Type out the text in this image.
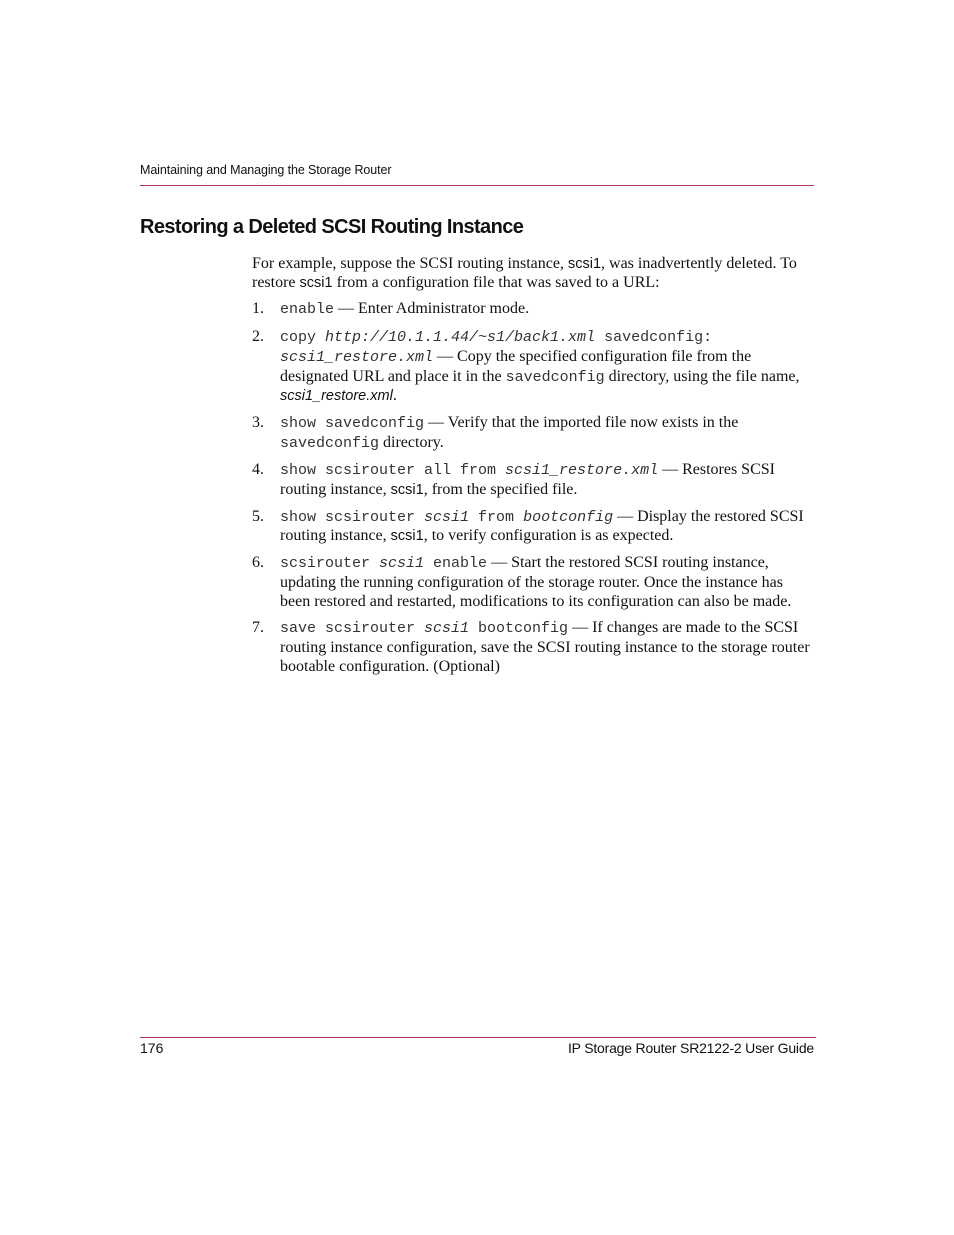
Maintaining and Managing the Storage Router
Restoring a Deleted SCSI Routing Instance

For example, suppose the SCSI routing instance, scsi1, was inadvertently deleted. To restore scsi1 from a configuration file that was saved to a URL:

1. enable — Enter Administrator mode.
2. copy http://10.1.1.44/~s1/back1.xml savedconfig:
scsi1_restore.xml — Copy the specified configuration file from the designated URL and place it in the savedconfig directory, using the file name, scsi1_restore.xml.
3. show savedconfig — Verify that the imported file now exists in the savedconfig directory.
4. show scsirouter all from scsi1_restore.xml — Restores SCSI routing instance, scsi1, from the specified file.
5. show scsirouter scsi1 from bootconfig — Display the restored SCSI routing instance, scsi1, to verify configuration is as expected.
6. scsirouter scsi1 enable — Start the restored SCSI routing instance, updating the running configuration of the storage router. Once the instance has been restored and restarted, modifications to its configuration can also be made.
7. save scsirouter scsi1 bootconfig — If changes are made to the SCSI routing instance configuration, save the SCSI routing instance to the storage router bootable configuration. (Optional)
176	IP Storage Router SR2122-2 User Guide
